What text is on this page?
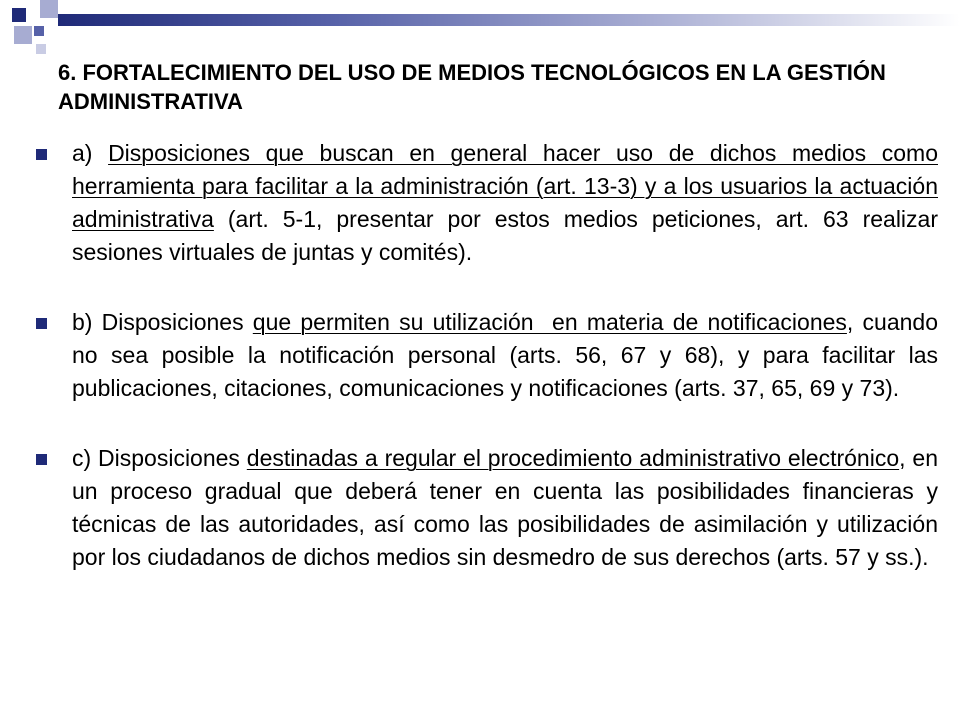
6. FORTALECIMIENTO DEL USO DE MEDIOS TECNOLÓGICOS EN LA GESTIÓN ADMINISTRATIVA
a) Disposiciones que buscan en general hacer uso de dichos medios como herramienta para facilitar a la administración (art. 13-3) y a los usuarios la actuación administrativa (art. 5-1, presentar por estos medios peticiones, art. 63 realizar sesiones virtuales de juntas y comités).
b) Disposiciones que permiten su utilización  en materia de notificaciones, cuando no sea posible la notificación personal (arts. 56, 67 y 68), y para facilitar las publicaciones, citaciones, comunicaciones y notificaciones (arts. 37, 65, 69 y 73).
c) Disposiciones destinadas a regular el procedimiento administrativo electrónico, en un proceso gradual que deberá tener en cuenta las posibilidades financieras y técnicas de las autoridades, así como las posibilidades de asimilación y utilización por los ciudadanos de dichos medios sin desmedro de sus derechos (arts. 57 y ss.).
